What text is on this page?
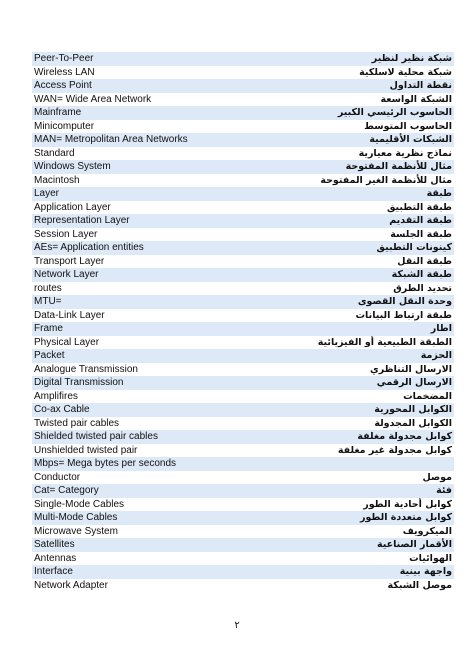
Peer-To-Peer	شبكة نظير لنظير
Wireless LAN	شبكة محلية لاسلكية
Access Point	نقطة التداول
WAN= Wide Area Network	الشبكة الواسعة
Mainframe	الحاسوب الرئيسي الكبير
Minicomputer	الحاسوب المتوسط
MAN= Metropolitan Area Networks	الشبكات الأقليمية
Standard	نماذج نظرية معيارية
Windows System	مثال للأنظمة المفتوحة
Macintosh	مثال للأنظمة الغير المفتوحة
Layer	طبقة
Application Layer	طبقة التطبيق
Representation Layer	طبقة التقديم
Session Layer	طبقة الجلسة
AEs= Application entities	كينونات التطبيق
Transport Layer	طبقة النقل
Network Layer	طبقة الشبكة
routes	تحديد الطرق
MTU=	وحدة النقل القصوى
Data-Link Layer	طبقة ارتباط البيانات
Frame	اطار
Physical Layer	الطبقة الطبيعية أو الفيزيائية
Packet	الحزمة
Analogue Transmission	الارسال التناظري
Digital Transmission	الارسال الرقمي
Amplifires	المضخمات
Co-ax Cable	الكوابل المحورية
Twisted pair cables	الكوابل المجدولة
Shielded twisted pair cables	كوابل مجدولة مغلفة
Unshielded twisted pair	كوابل مجدولة غير مغلفة
Mbps= Mega bytes per seconds	
Conductor	موصل
Cat= Category	فئة
Single-Mode Cables	كوابل أحادية الطور
Multi-Mode Cables	كوابل متعددة الطور
Microwave System	الميكرويف
Satellites	الأقمار الصناعية
Antennas	الهوائيات
Interface	واجهة بينية
Network Adapter	موصل الشبكة
٢
